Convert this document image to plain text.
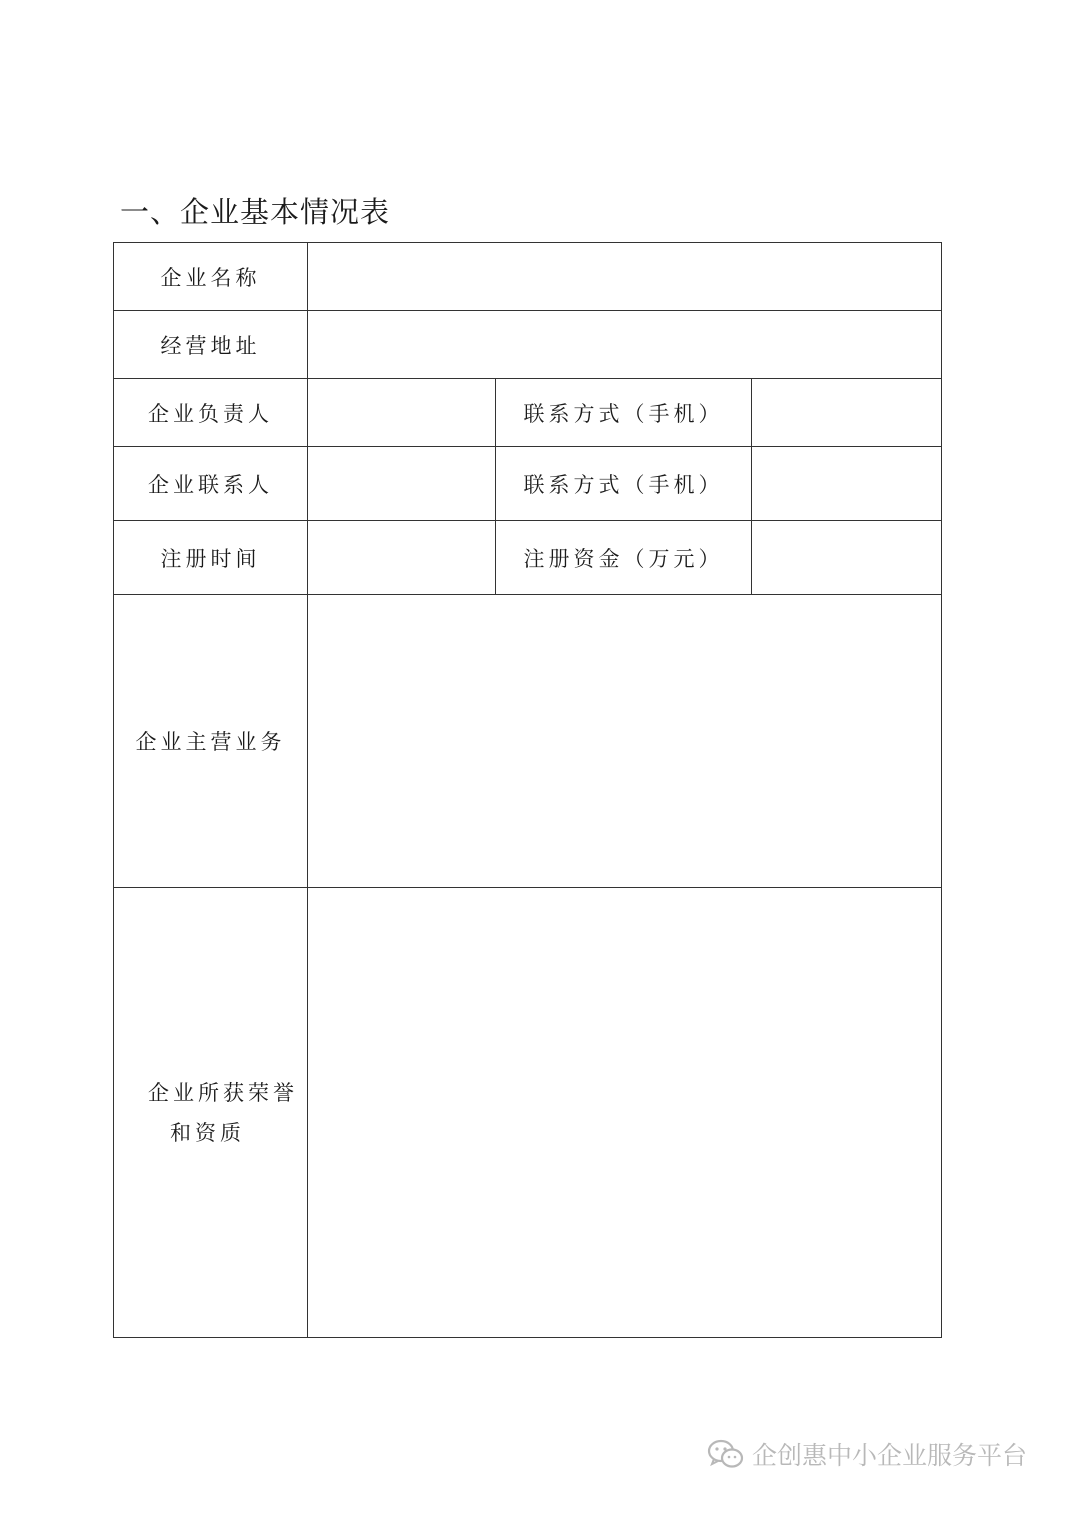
一、企业基本情况表
企业名称			
经营地址			
企业负责人		联系方式（手机）	
企业联系人		联系方式（手机）	
注册时间		注册资金（万元）	
企业主营业务			

企业所获荣誉
和资质			

企创惠中小企业服务平台
